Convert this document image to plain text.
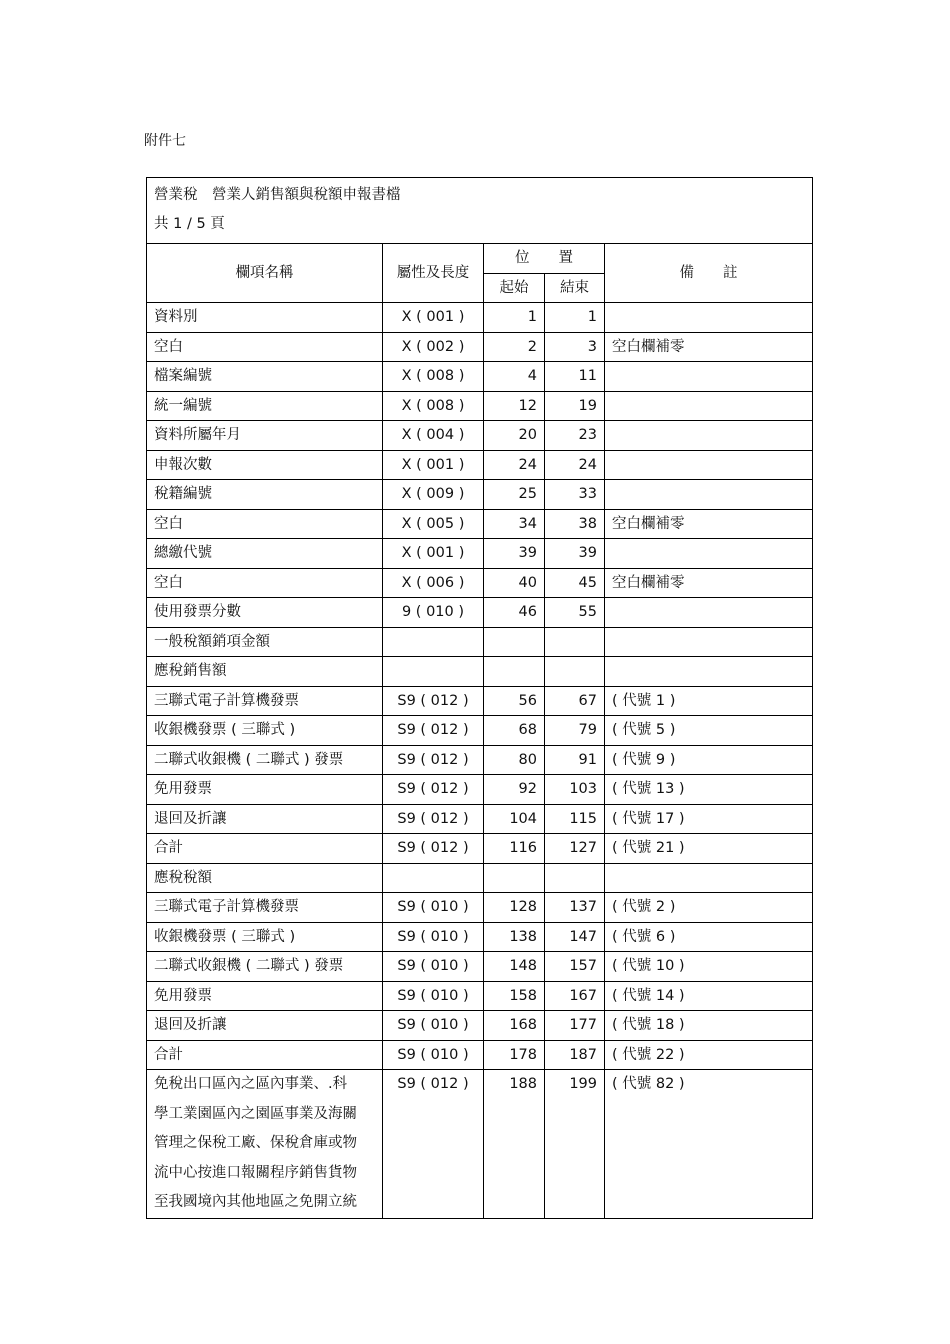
附件七
營業稅　營業人銷售額與稅額申報書檔
共 1 / 5 頁				

欄項名稱	屬性及長度	位　　置		備　　註
		起始	結束	
資料別	X ( 001 )	1	1	
空白	X ( 002 )	2	3	空白欄補零
檔案編號	X ( 008 )	4	11	
統一編號	X ( 008 )	12	19	
資料所屬年月	X ( 004 )	20	23	
申報次數	X ( 001 )	24	24	
稅籍編號	X ( 009 )	25	33	
空白	X ( 005 )	34	38	空白欄補零
總繳代號	X ( 001 )	39	39	
空白	X ( 006 )	40	45	空白欄補零
使用發票分數	9 ( 010 )	46	55	
一般稅額銷項金額				
應稅銷售額				
三聯式電子計算機發票	S9 ( 012 )	56	67	( 代號 1 )
收銀機發票 ( 三聯式 )	S9 ( 012 )	68	79	( 代號 5 )
二聯式收銀機 ( 二聯式 ) 發票	S9 ( 012 )	80	91	( 代號 9 )
免用發票	S9 ( 012 )	92	103	( 代號 13 )
退回及折讓	S9 ( 012 )	104	115	( 代號 17 )
合計	S9 ( 012 )	116	127	( 代號 21 )
應稅稅額				
三聯式電子計算機發票	S9 ( 010 )	128	137	( 代號 2 )
收銀機發票 ( 三聯式 )	S9 ( 010 )	138	147	( 代號 6 )
二聯式收銀機 ( 二聯式 ) 發票	S9 ( 010 )	148	157	( 代號 10 )
免用發票	S9 ( 010 )	158	167	( 代號 14 )
退回及折讓	S9 ( 010 )	168	177	( 代號 18 )
合計	S9 ( 010 )	178	187	( 代號 22 )

免稅出口區內之區內事業、.科
學工業園區內之園區事業及海關
管理之保稅工廠、保稅倉庫或物
流中心按進口報關程序銷售貨物
至我國境內其他地區之免開立統	S9 ( 012 )	188	199	( 代號 82 )
